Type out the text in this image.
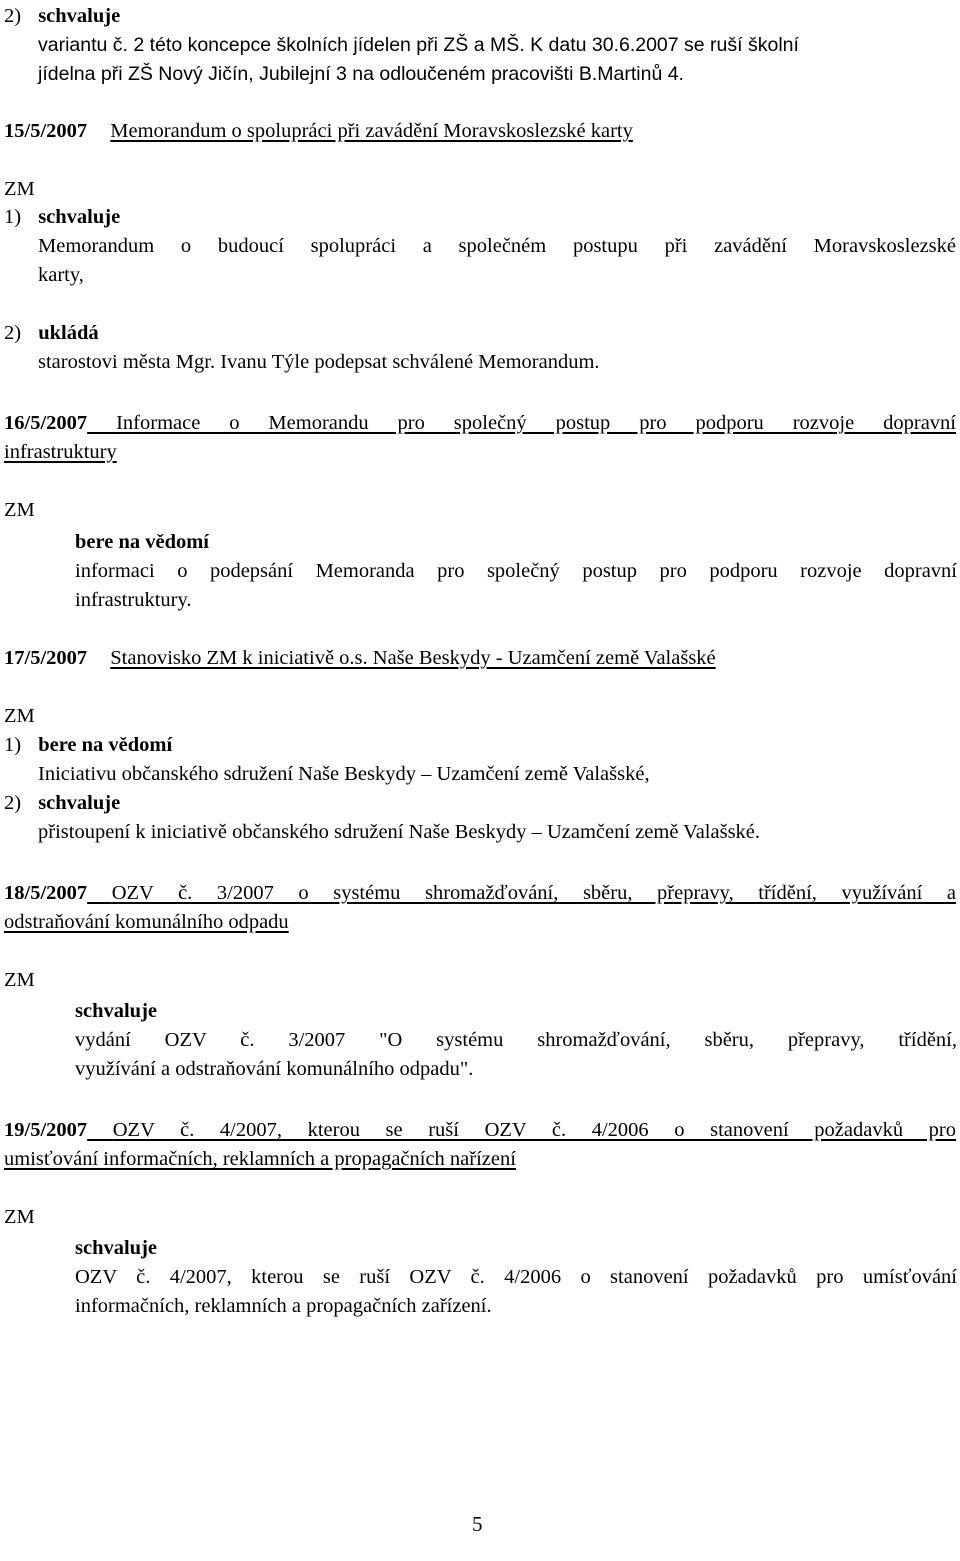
2) schvaluje
variantu č. 2 této koncepce školních jídelen při ZŠ a MŠ. K datu 30.6.2007 se ruší školní
jídelna při ZŠ Nový Jičín, Jubilejní 3 na odloučeném pracovišti B.Martinů 4.
15/5/2007 Memorandum o spolupráci při zavádění Moravskoslezské karty
ZM
1) schvaluje
Memorandum o budoucí spolupráci a společném postupu při zavádění Moravskoslezské
karty,
2) ukládá
starostovi města Mgr. Ivanu Týle podepsat schválené Memorandum.
16/5/2007 Informace o Memorandu pro společný postup pro podporu rozvoje dopravní
infrastruktury
ZM
bere na vědomí
informaci o podepsání Memoranda pro společný postup pro podporu rozvoje dopravní
infrastruktury.
17/5/2007 Stanovisko ZM k iniciativě o.s. Naše Beskydy - Uzamčení země Valašské
ZM
1) bere na vědomí
Iniciativu občanského sdružení Naše Beskydy – Uzamčení země Valašské,
2) schvaluje
přistoupení k iniciativě občanského sdružení Naše Beskydy – Uzamčení země Valašské.
18/5/2007 OZV č. 3/2007 o systému shromažďování, sběru, přepravy, třídění, využívání a
odstraňování komunálního odpadu
ZM
schvaluje
vydání OZV č. 3/2007 "O systému shromažďování, sběru, přepravy, třídění,
využívání a odstraňování komunálního odpadu".
19/5/2007 OZV č. 4/2007, kterou se ruší OZV č. 4/2006 o stanovení požadavků pro
umisťování informačních, reklamních a propagačních nařízení
ZM
schvaluje
OZV č. 4/2007, kterou se ruší OZV č. 4/2006 o stanovení požadavků pro umísťování
informačních, reklamních a propagačních zařízení.
5
